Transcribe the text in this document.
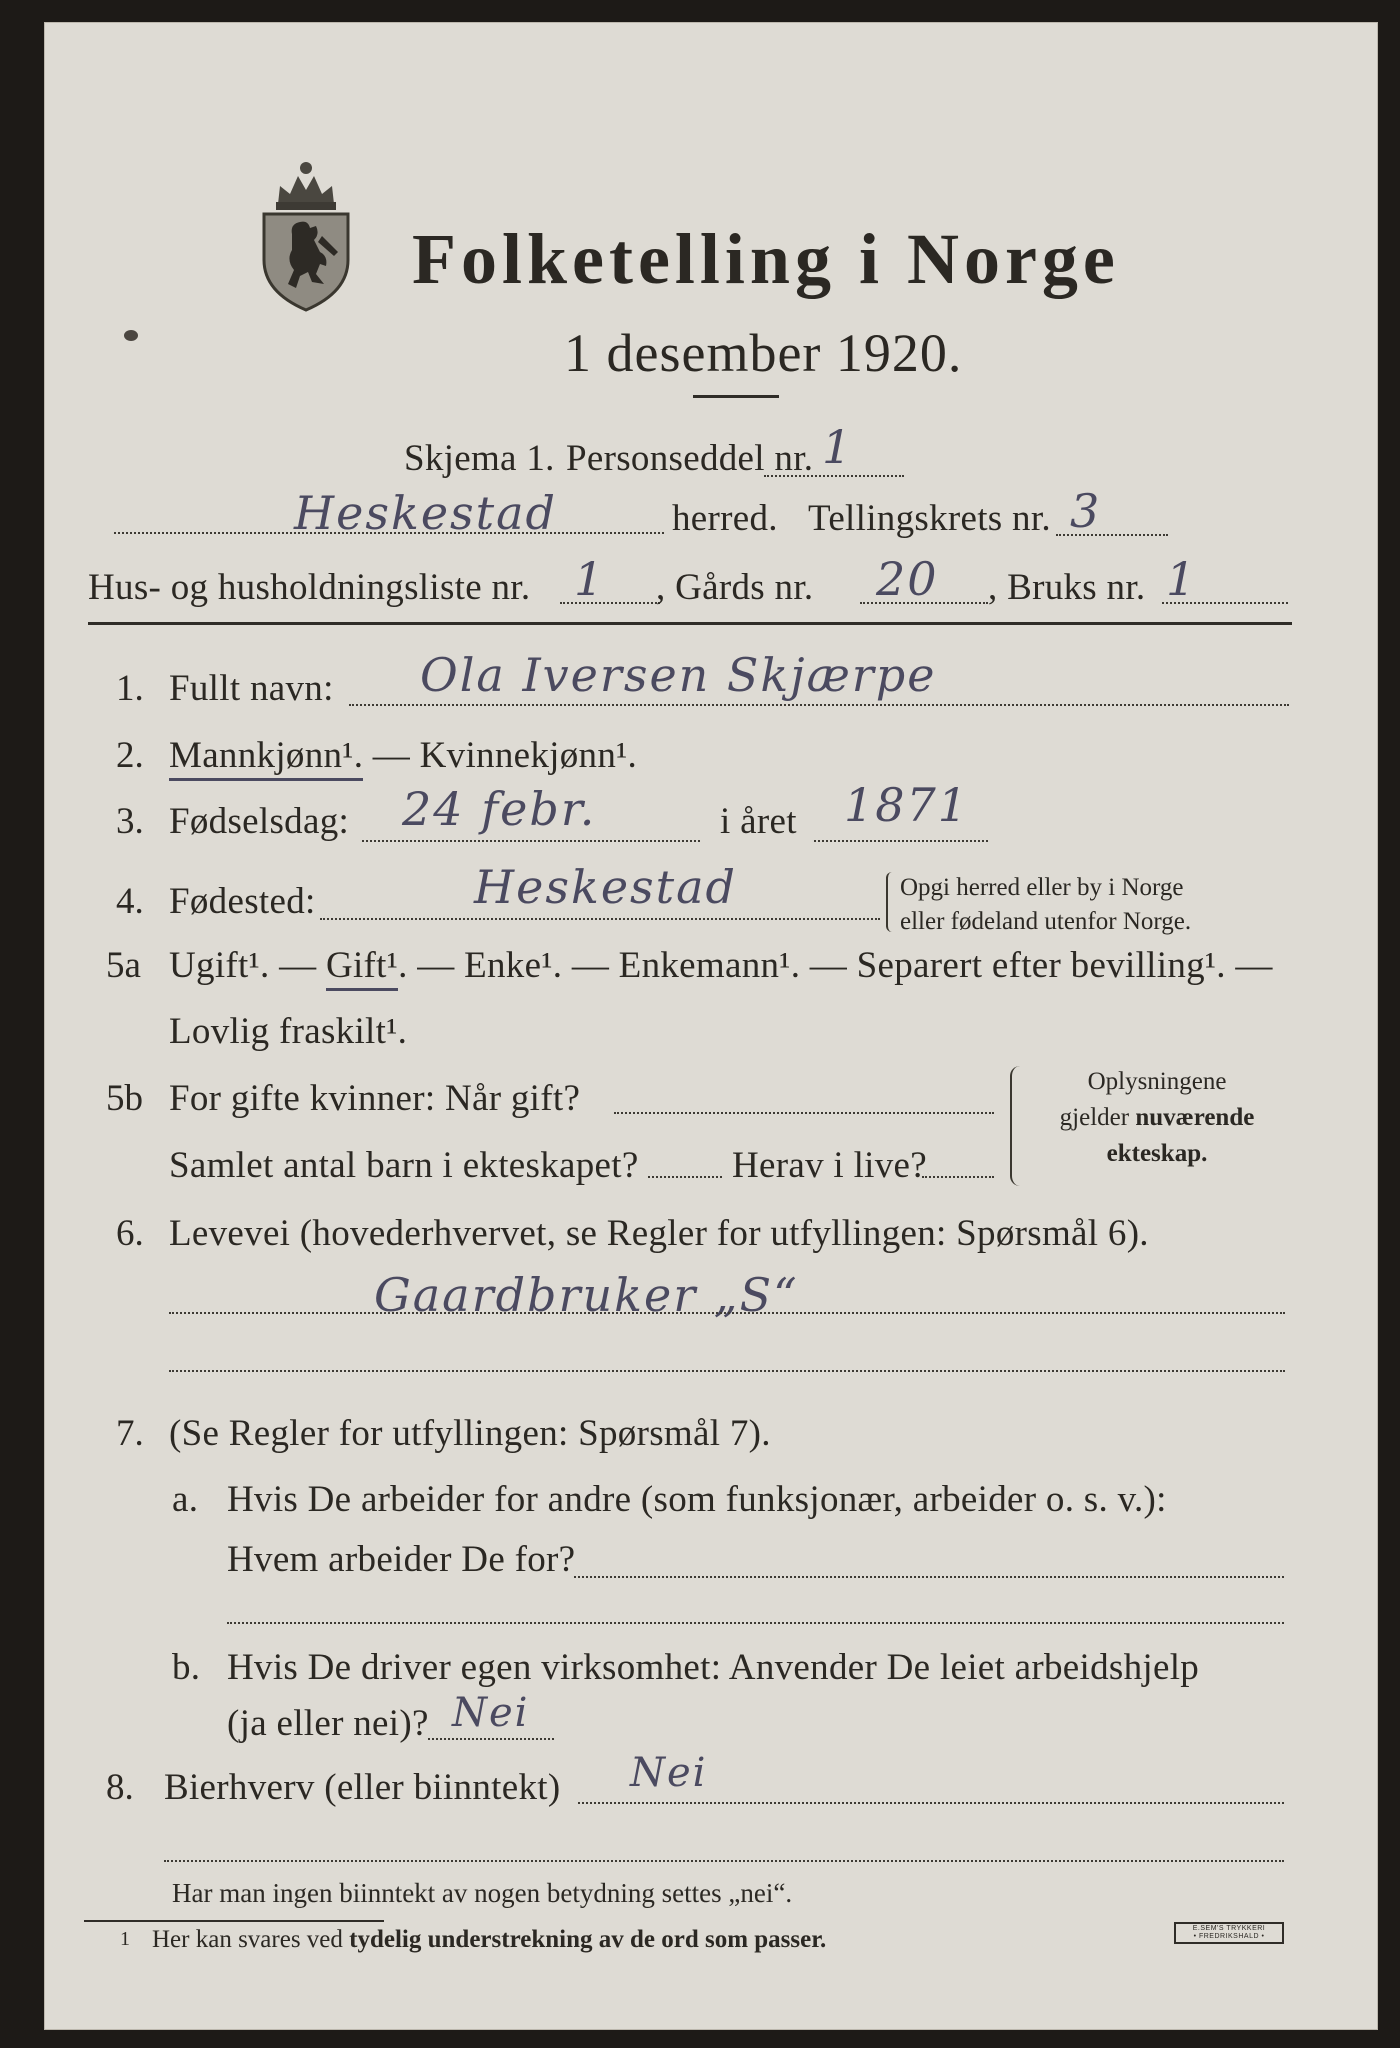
Folketelling i Norge
1 desember 1920.
Skjema 1. Personseddel nr. 1
Heskestad	herred. Tellingskrets nr. 3
Hus- og husholdningsliste nr. 1 , Gårds nr. 20 , Bruks nr. 1
1. Fullt navn: Ola Iversen Skjærpe
2. Mannkjønn¹. — Kvinnekjønn¹.
3. Fødselsdag: 24 febr.	i året 1871
4. Fødested:	Heskestad	Opgi herred eller by i Norge
eller fødeland utenfor Norge.
5a Ugift¹. — Gift¹. — Enke¹. — Enkemann¹. — Separert efter bevilling¹. —
Lovlig fraskilt¹.
5b For gifte kvinner: Når gift?
Samlet antal barn i ekteskapet?	Herav i live?
Oplysningene
gjelder nuværende
ekteskap.
6. Levevei (hovederhvervet, se Regler for utfyllingen: Spørsmål 6).
Gaardbruker „S“
7. (Se Regler for utfyllingen: Spørsmål 7).
a. Hvis De arbeider for andre (som funksjonær, arbeider o. s. v.):
Hvem arbeider De for?
b. Hvis De driver egen virksomhet: Anvender De leiet arbeidshjelp
(ja eller nei)? Nei
8. Bierhverv (eller biinntekt) Nei
Har man ingen biinntekt av nogen betydning settes „nei“.
1 Her kan svares ved tydelig understrekning av de ord som passer.	E.SEM'S TRYKKERI
• FREDRIKSHALD •
